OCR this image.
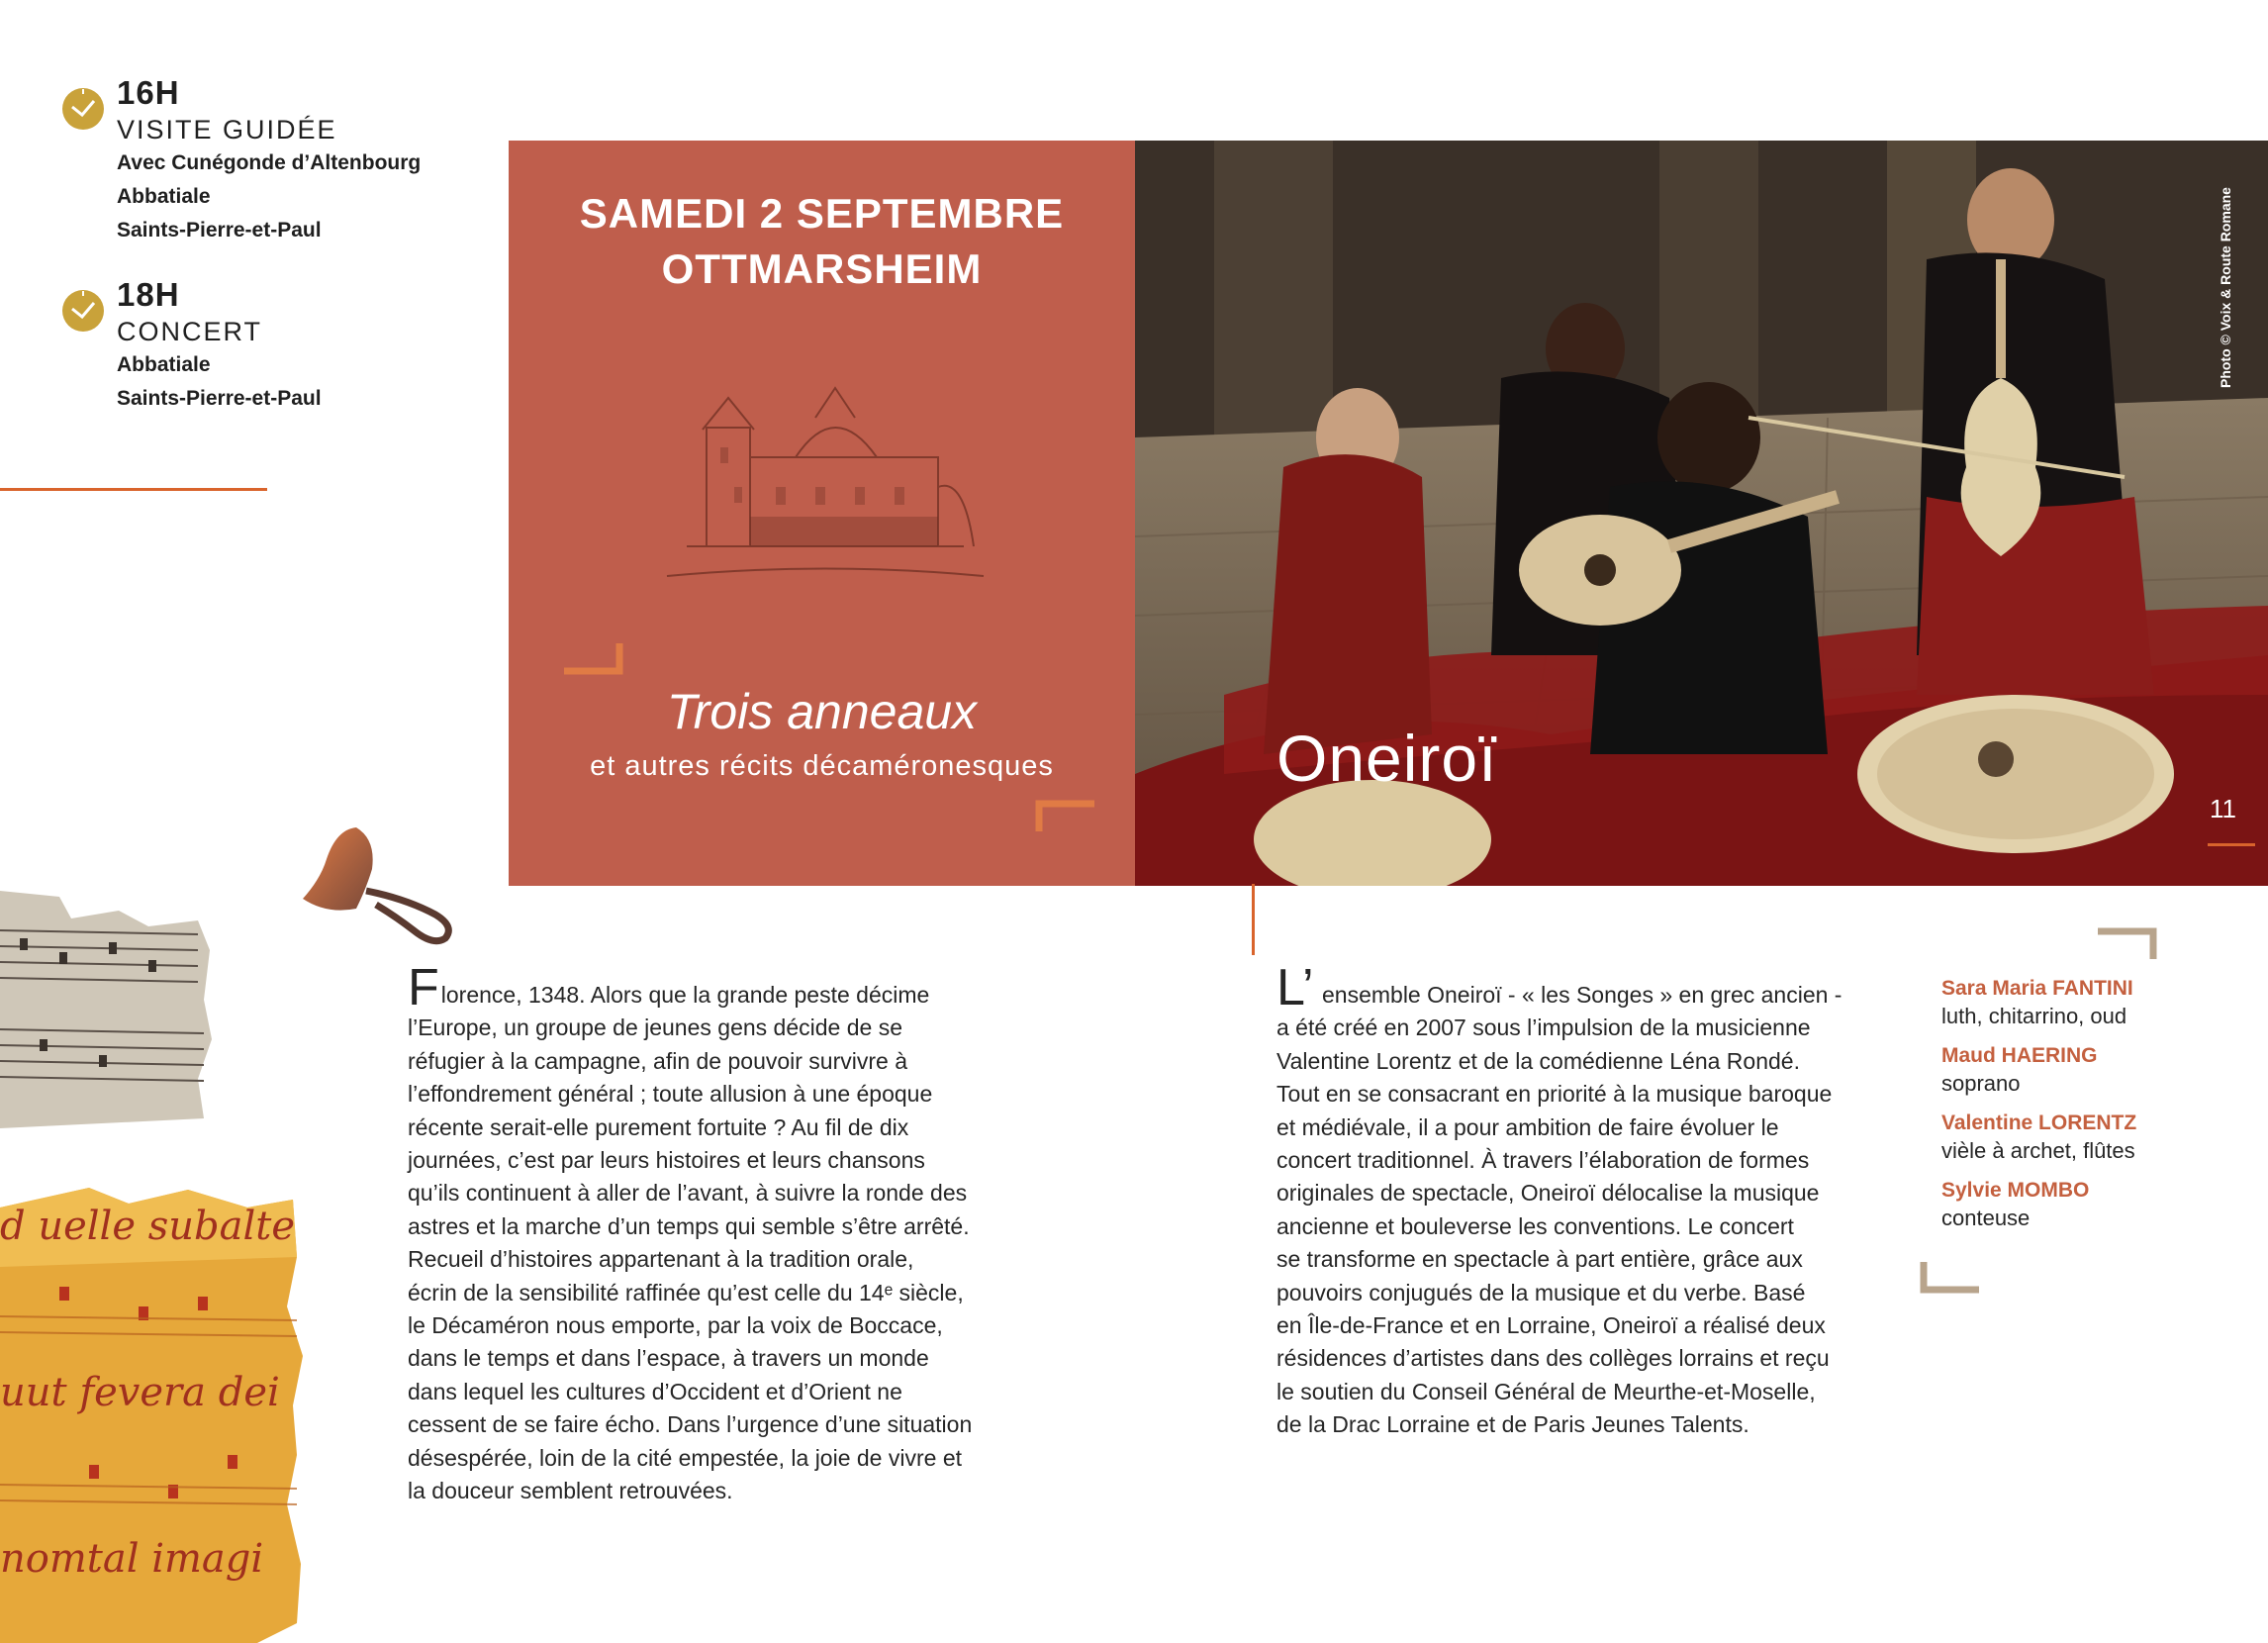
16H
VISITE GUIDÉE
Avec Cunégonde d’Altenbourg
Abbatiale
Saints-Pierre-et-Paul
18H
CONCERT
Abbatiale
Saints-Pierre-et-Paul
SAMEDI 2 SEPTEMBRE
OTTMARSHEIM
Trois anneaux
et autres récits décaméronesques	Oneiroï
Photo © Voix & Route Romane
11
d uelle subalte
uut fevera dei
nomtal imagi
Florence, 1348. Alors que la grande peste décime
l’Europe, un groupe de jeunes gens décide de se
réfugier à la campagne, afin de pouvoir survivre à
l’effondrement général ; toute allusion à une époque
récente serait-elle purement fortuite ? Au fil de dix
journées, c’est par leurs histoires et leurs chansons
qu’ils continuent à aller de l’avant, à suivre la ronde des
astres et la marche d’un temps qui semble s’être arrêté.
Recueil d’histoires appartenant à la tradition orale,
écrin de la sensibilité raffinée qu’est celle du 14ᵉ siècle,
le Décaméron nous emporte, par la voix de Boccace,
dans le temps et dans l’espace, à travers un monde
dans lequel les cultures d’Occident et d’Orient ne
cessent de se faire écho. Dans l’urgence d’une situation
désespérée, loin de la cité empestée, la joie de vivre et
la douceur semblent retrouvées.
L’ ensemble Oneiroï - « les Songes » en grec ancien -
a été créé en 2007 sous l’impulsion de la musicienne
Valentine Lorentz et de la comédienne Léna Rondé.
Tout en se consacrant en priorité à la musique baroque
et médiévale, il a pour ambition de faire évoluer le
concert traditionnel. À travers l’élaboration de formes
originales de spectacle, Oneiroï délocalise la musique
ancienne et bouleverse les conventions. Le concert
se transforme en spectacle à part entière, grâce aux
pouvoirs conjugués de la musique et du verbe. Basé
en Île-de-France et en Lorraine, Oneiroï a réalisé deux
résidences d’artistes dans des collèges lorrains et reçu
le soutien du Conseil Général de Meurthe-et-Moselle,
de la Drac Lorraine et de Paris Jeunes Talents.
Sara Maria FANTINI
luth, chitarrino, oud
Maud HAERING
soprano
Valentine LORENTZ
vièle à archet, flûtes
Sylvie MOMBO
conteuse
